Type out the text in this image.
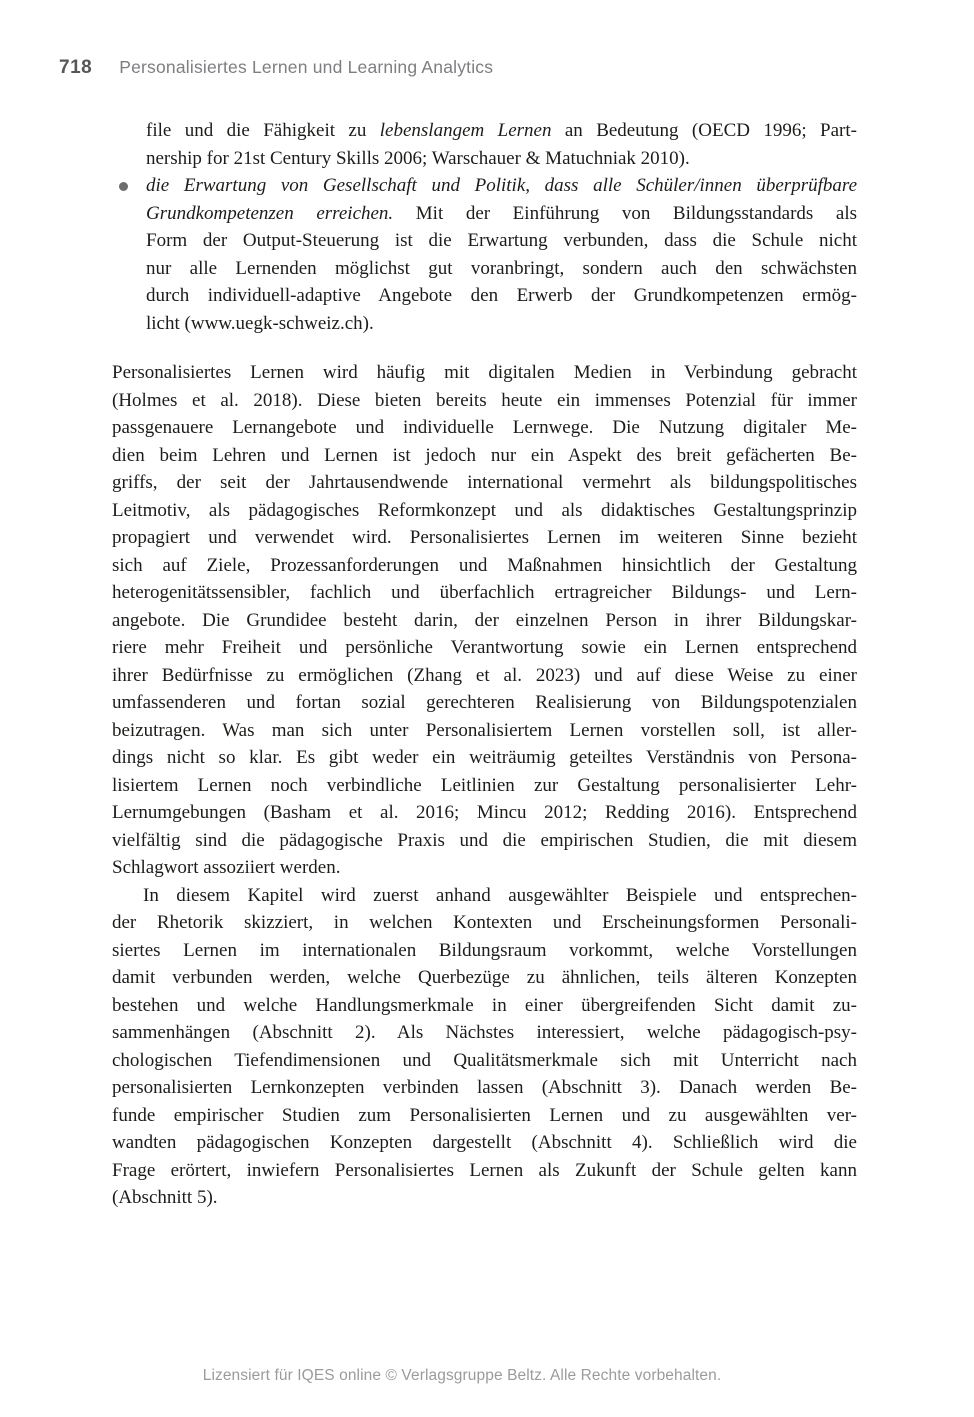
718 Personalisiertes Lernen und Learning Analytics
file und die Fähigkeit zu lebenslangem Lernen an Bedeutung (OECD 1996; Part-
nership for 21st Century Skills 2006; Warschauer & Matuchniak 2010).
die Erwartung von Gesellschaft und Politik, dass alle Schüler/innen überprüfbare
Grundkompetenzen erreichen. Mit der Einführung von Bildungsstandards als
Form der Output-Steuerung ist die Erwartung verbunden, dass die Schule nicht
nur alle Lernenden möglichst gut voranbringt, sondern auch den schwächsten
durch individuell-adaptive Angebote den Erwerb der Grundkompetenzen ermög-
licht (www.uegk-schweiz.ch).
Personalisiertes Lernen wird häufig mit digitalen Medien in Verbindung gebracht
(Holmes et al. 2018). Diese bieten bereits heute ein immenses Potenzial für immer
passgenauere Lernangebote und individuelle Lernwege. Die Nutzung digitaler Me-
dien beim Lehren und Lernen ist jedoch nur ein Aspekt des breit gefächerten Be-
griffs, der seit der Jahrtausendwende international vermehrt als bildungspolitisches
Leitmotiv, als pädagogisches Reformkonzept und als didaktisches Gestaltungsprinzip
propagiert und verwendet wird. Personalisiertes Lernen im weiteren Sinne bezieht
sich auf Ziele, Prozessanforderungen und Maßnahmen hinsichtlich der Gestaltung
heterogenitätssensibler, fachlich und überfachlich ertragreicher Bildungs- und Lern-
angebote. Die Grundidee besteht darin, der einzelnen Person in ihrer Bildungskar-
riere mehr Freiheit und persönliche Verantwortung sowie ein Lernen entsprechend
ihrer Bedürfnisse zu ermöglichen (Zhang et al. 2023) und auf diese Weise zu einer
umfassenderen und fortan sozial gerechteren Realisierung von Bildungspotenzialen
beizutragen. Was man sich unter Personalisiertem Lernen vorstellen soll, ist aller-
dings nicht so klar. Es gibt weder ein weiträumig geteiltes Verständnis von Persona-
lisiertem Lernen noch verbindliche Leitlinien zur Gestaltung personalisierter Lehr-
Lernumgebungen (Basham et al. 2016; Mincu 2012; Redding 2016). Entsprechend
vielfältig sind die pädagogische Praxis und die empirischen Studien, die mit diesem
Schlagwort assoziiert werden.
In diesem Kapitel wird zuerst anhand ausgewählter Beispiele und entsprechen-
der Rhetorik skizziert, in welchen Kontexten und Erscheinungsformen Personali-
siertes Lernen im internationalen Bildungsraum vorkommt, welche Vorstellungen
damit verbunden werden, welche Querbezüge zu ähnlichen, teils älteren Konzepten
bestehen und welche Handlungsmerkmale in einer übergreifenden Sicht damit zu-
sammenhängen (Abschnitt 2). Als Nächstes interessiert, welche pädagogisch-psy-
chologischen Tiefendimensionen und Qualitätsmerkmale sich mit Unterricht nach
personalisierten Lernkonzepten verbinden lassen (Abschnitt 3). Danach werden Be-
funde empirischer Studien zum Personalisierten Lernen und zu ausgewählten ver-
wandten pädagogischen Konzepten dargestellt (Abschnitt 4). Schließlich wird die
Frage erörtert, inwiefern Personalisiertes Lernen als Zukunft der Schule gelten kann
(Abschnitt 5).
Lizensiert für IQES online © Verlagsgruppe Beltz. Alle Rechte vorbehalten.
